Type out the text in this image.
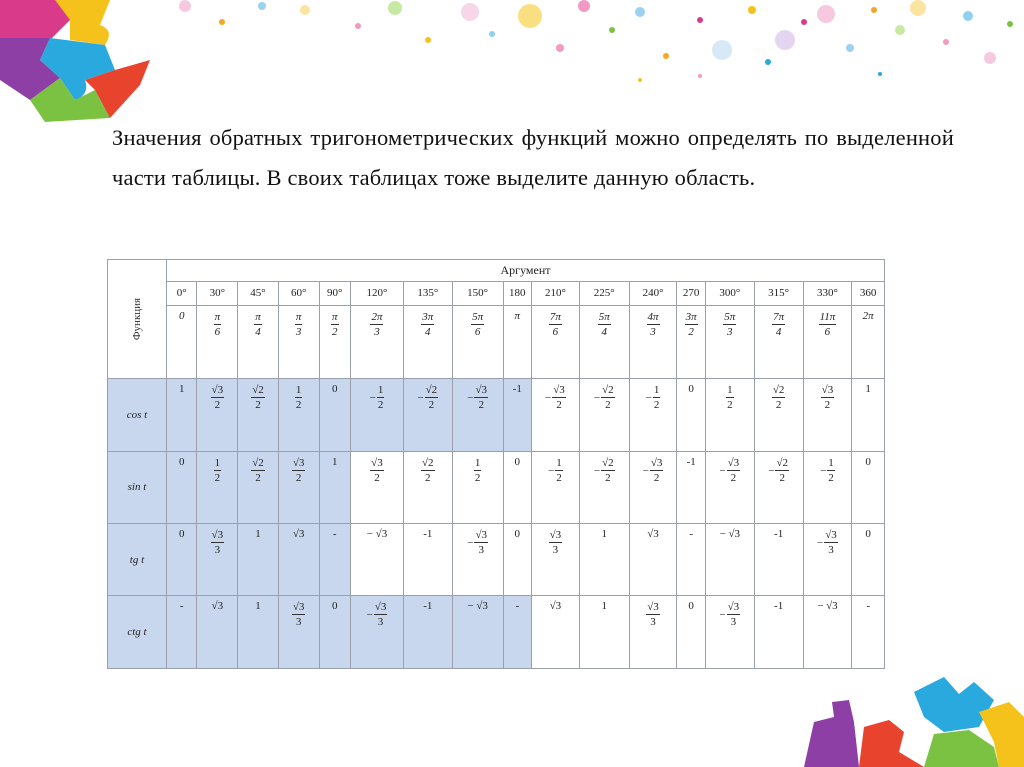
Значения обратных тригонометрических функций можно определять по выделенной части таблицы. В своих таблицах тоже выделите данную область.
Функция	Аргумент																
	0°	30°	45°	60°	90°	120°	135°	150°	180	210°	225°	240°	270	300°	315°	330°	360
	0	$\frac{\pi}{6}$	$\frac{\pi}{4}$	$\frac{\pi}{3}$	$\frac{\pi}{2}$	$\frac{2\pi}{3}$	$\frac{3\pi}{4}$	$\frac{5\pi}{6}$	π	$\frac{7\pi}{6}$	$\frac{5\pi}{4}$	$\frac{4\pi}{3}$	$\frac{3\pi}{2}$	$\frac{5\pi}{3}$	$\frac{7\pi}{4}$	$\frac{11\pi}{6}$	2π
cos t	1	$\frac{√3}{2}$	$\frac{√2}{2}$	$\frac{1}{2}$	0	− $\frac{1}{2}$	− $\frac{√2}{2}$	− $\frac{√3}{2}$	-1	− $\frac{√3}{2}$	− $\frac{√2}{2}$	− $\frac{1}{2}$	0	$\frac{1}{2}$	$\frac{√2}{2}$	$\frac{√3}{2}$	1
sin t	0	$\frac{1}{2}$	$\frac{√2}{2}$	$\frac{√3}{2}$	1	$\frac{√3}{2}$	$\frac{√2}{2}$	$\frac{1}{2}$	0	− $\frac{1}{2}$	− $\frac{√2}{2}$	− $\frac{√3}{2}$	-1	− $\frac{√3}{2}$	− $\frac{√2}{2}$	− $\frac{1}{2}$	0
tg t	0	$\frac{√3}{3}$	1	√3	-	− √3	-1	− $\frac{√3}{3}$	0	$\frac{√3}{3}$	1	√3	-	− √3	-1	− $\frac{√3}{3}$	0
ctg t	-	√3	1	$\frac{√3}{3}$	0	− $\frac{√3}{3}$	-1	− √3	-	√3	1	$\frac{√3}{3}$	0	− $\frac{√3}{3}$	-1	− √3	-
